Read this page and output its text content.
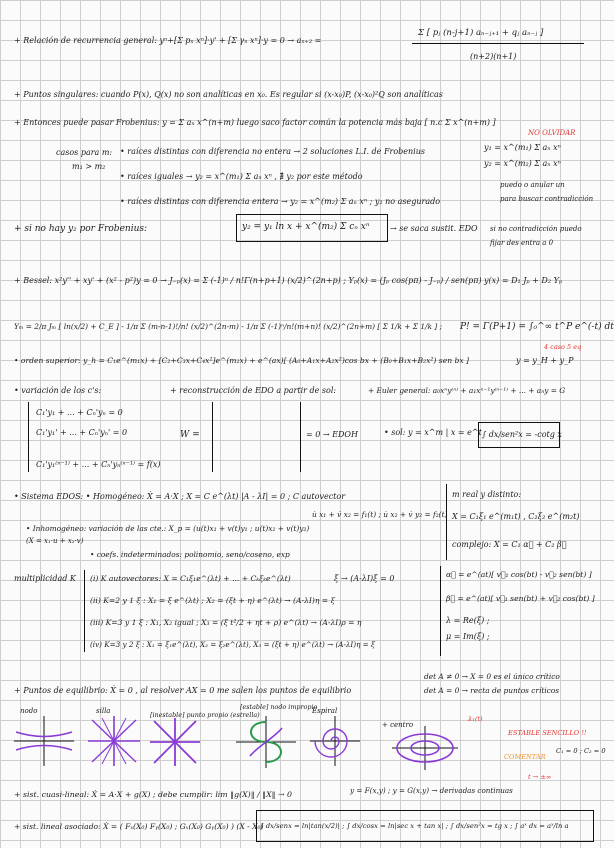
+ Relación de recurrencia general: yⁿ+[Σ pₙ xⁿ]·y' + [Σ γₙ xⁿ]·y = 0 → aₙ₊₂ =
Σ [ pⱼ (n-j+1) aₙ₋ⱼ₊₁ + qⱼ aₙ₋ⱼ ]
(n+2)(n+1)
+ Puntos singulares: cuando P(x), Q(x) no son analíticas en x₀. Es regular si (x-x₀)P, (x-x₀)²Q son analíticas
+ Entonces puede pasar Frobenius: y = Σ aₙ x^(n+m) luego saco factor común la potencia más baja [ n.c Σ x^(n+m) ]
casos para m:
m₁ > m₂
• raíces distintas con diferencia no entera → 2 soluciones L.I. de Frobenius
• raíces iguales → y₂ = x^(m₁) Σ aₙ xⁿ , ∄ y₂ por este método
• raíces distintas con diferencia entera → y₂ = x^(m₂) Σ aₙ xⁿ ; y₂ no asegurado
y₁ = x^(m₁) Σ aₙ xⁿ
y₂ = x^(m₂) Σ aₙ xⁿ
NO OLVIDAR
puedo o anular un
para buscar contradicción
+ si no hay y₂ por Frobenius:	y₂ = y₁ ln x + x^(m₂) Σ cₙ xⁿ	→ se saca sustit. EDO si no contradicción puedo
fijar des entra a 0
+ Bessel: x²y'' + xy' + (x² - p²)y = 0 → J₋ₚ(x) = Σ (-1)ⁿ / n!Γ(n+p+1) (x/2)^(2n+p) ; Yₚ(x) = (Jₚ cos(pπ) - J₋ₚ) / sen(pπ) y(x) = D₁ Jₚ + D₂ Yₚ
Yₘ = 2/π Jₘ [ ln(x/2) + C_E ] - 1/π Σ (m-n-1)!/n! (x/2)^(2n-m) - 1/π Σ (-1)ⁿ/n!(m+n)! (x/2)^(2n+m) [ Σ 1/k + Σ 1/k ] ; P! = Γ(P+1) = ∫₀^∞ t^P e^(-t) dt
• orden superior: y_h = C₁e^(m₁x) + [C₂+C₃x+C₄x²]e^(m₂x) + e^(ax)[ (A₀+A₁x+A₂x²)cos bx + (B₀+B₁x+B₂x²) sen bx ]	y = y_H + y_P
4 caso 5 eq
• variación de los c's:	+ reconstrucción de EDO a partir de sol:	+ Euler general: a₀xⁿy⁽ⁿ⁾ + a₁xⁿ⁻¹y⁽ⁿ⁻¹⁾ + ... + aₙy = G
• sol: y = x^m | x = e^t ∫ dx/sen²x = -cotg x
C₁'y₁ + ... + Cₙ'yₙ = 0
C₁'y₁' + ... + Cₙ'yₙ' = 0
C₁'y₁⁽ⁿ⁻¹⁾ + ... + Cₙ'yₙ⁽ⁿ⁻¹⁾ = f(x)
W =	= 0 → EDOH
• Sistema EDOS: • Homogéneo: Ẋ = A·X ; X = C e^(λt) |A - λI| = 0 ; C autovector
• Inhomogéneo: variación de las cte.: X_p = (u(t)x₁ + v(t)y₁ ; u(t)x₂ + v(t)y₂)
(X = x₁·u + x₂·v)
u̇ x₁ + v̇ x₂ = f₁(t) ; u̇ x₂ + v̇ y₂ = f₂(t)
• coefs. indeterminados: polinomio, seno/coseno, exp
m real y distinto:
X = C₁ξ₁ e^(m₁t) , C₂ξ₂ e^(m₂t)
complejo: X = C₁ α⃗ + C₂ β⃗
multiplicidad K (i) K autovectores: X = C₁ξ₁e^(λt) + ... + Cₖξₖe^(λt)
(ii) K=2 y 1 ξ : X₁ = ξ e^(λt) ; X₂ = (ξt + η) e^(λt) → (A-λI)η = ξ
(iii) K=3 y 1 ξ : X₁, X₂ igual ; X₃ = (ξ t²/2 + ηt + ρ) e^(λt) → (A-λI)ρ = η
(iv) K=3 y 2 ξ : X₁ = ξ₁e^(λt), X₂ = ξ₂e^(λt), X₃ = (ξt + η) e^(λt) → (A-λI)η = ξ
ξ → (A-λI)ξ = 0	α⃗ = e^(at)[ v⃗₁ cos(bt) - v⃗₂ sen(bt) ]
β⃗ = e^(at)[ v⃗₁ sen(bt) + v⃗₂ cos(bt) ]
λ = Re(ξ) ;
μ = Im(ξ) ;
+ Puntos de equilibrio: Ẋ = 0 , al resolver AX = 0 me salen los puntos de equilibrio
det A ≠ 0 → X = 0 es el único crítico
det A = 0 → recta de puntos críticos
nodo	silla	[inestable] punto propio (estrella)
[estable] nodo impropio
Espiral
+ centro
ESTABLE SENCILLO !!
COMENTAR
C₁ = 0 ; C₂ = 0
t → ±∞
λ₁(t)
+ sist. cuasi-lineal: Ẋ = A·X + g(X) ; debe cumplir: lim ‖g(X)‖ / ‖X‖ → 0	y = F(x,y) ; y = G(x,y) → derivadas continuas
+ sist. lineal asociado: Ẋ = ( Fₓ(X₀) Fᵧ(X₀) ; Gₓ(X₀) Gᵧ(X₀) ) (X - X₀)
∫ dx/senx = ln|tan(x/2)| ; ∫ dx/cosx = ln|sec x + tan x| ; ∫ dx/sen²x = tg x ; ∫ aˣ dx = aˣ/ln a
